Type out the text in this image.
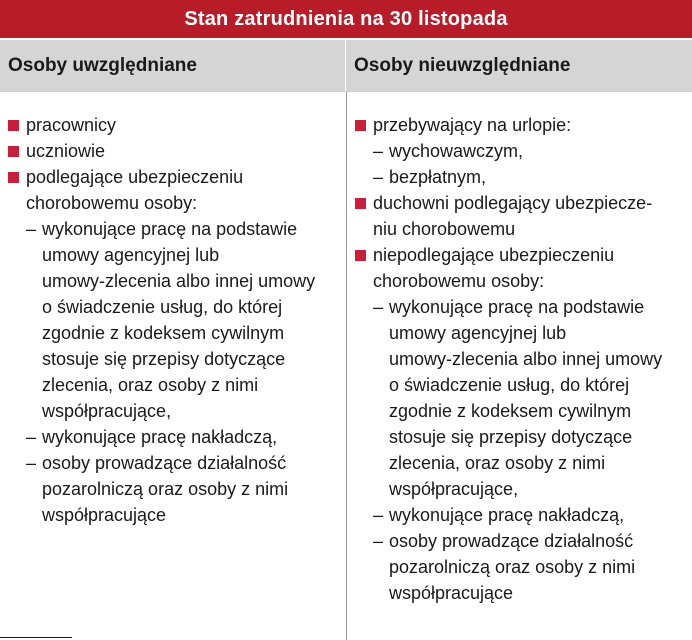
Stan zatrudnienia na 30 listopada
Osoby uwzględniane	Osoby nieuwzględniane
pracownicy
uczniowie
podlegające ubezpieczeniu
chorobowemu osoby:
– wykonujące pracę na podstawie
umowy agencyjnej lub
umowy-zlecenia albo innej umowy
o świadczenie usług, do której
zgodnie z kodeksem cywilnym
stosuje się przepisy dotyczące
zlecenia, oraz osoby z nimi
współpracujące,
– wykonujące pracę nakładczą,
– osoby prowadzące działalność
pozarolniczą oraz osoby z nimi
współpracujące
przebywający na urlopie:
– wychowawczym,
– bezpłatnym,
duchowni podlegający ubezpiecze-
niu chorobowemu
niepodlegające ubezpieczeniu
chorobowemu osoby:
– wykonujące pracę na podstawie
umowy agencyjnej lub
umowy-zlecenia albo innej umowy
o świadczenie usług, do której
zgodnie z kodeksem cywilnym
stosuje się przepisy dotyczące
zlecenia, oraz osoby z nimi
współpracujące,
– wykonujące pracę nakładczą,
– osoby prowadzące działalność
pozarolniczą oraz osoby z nimi
współpracujące
